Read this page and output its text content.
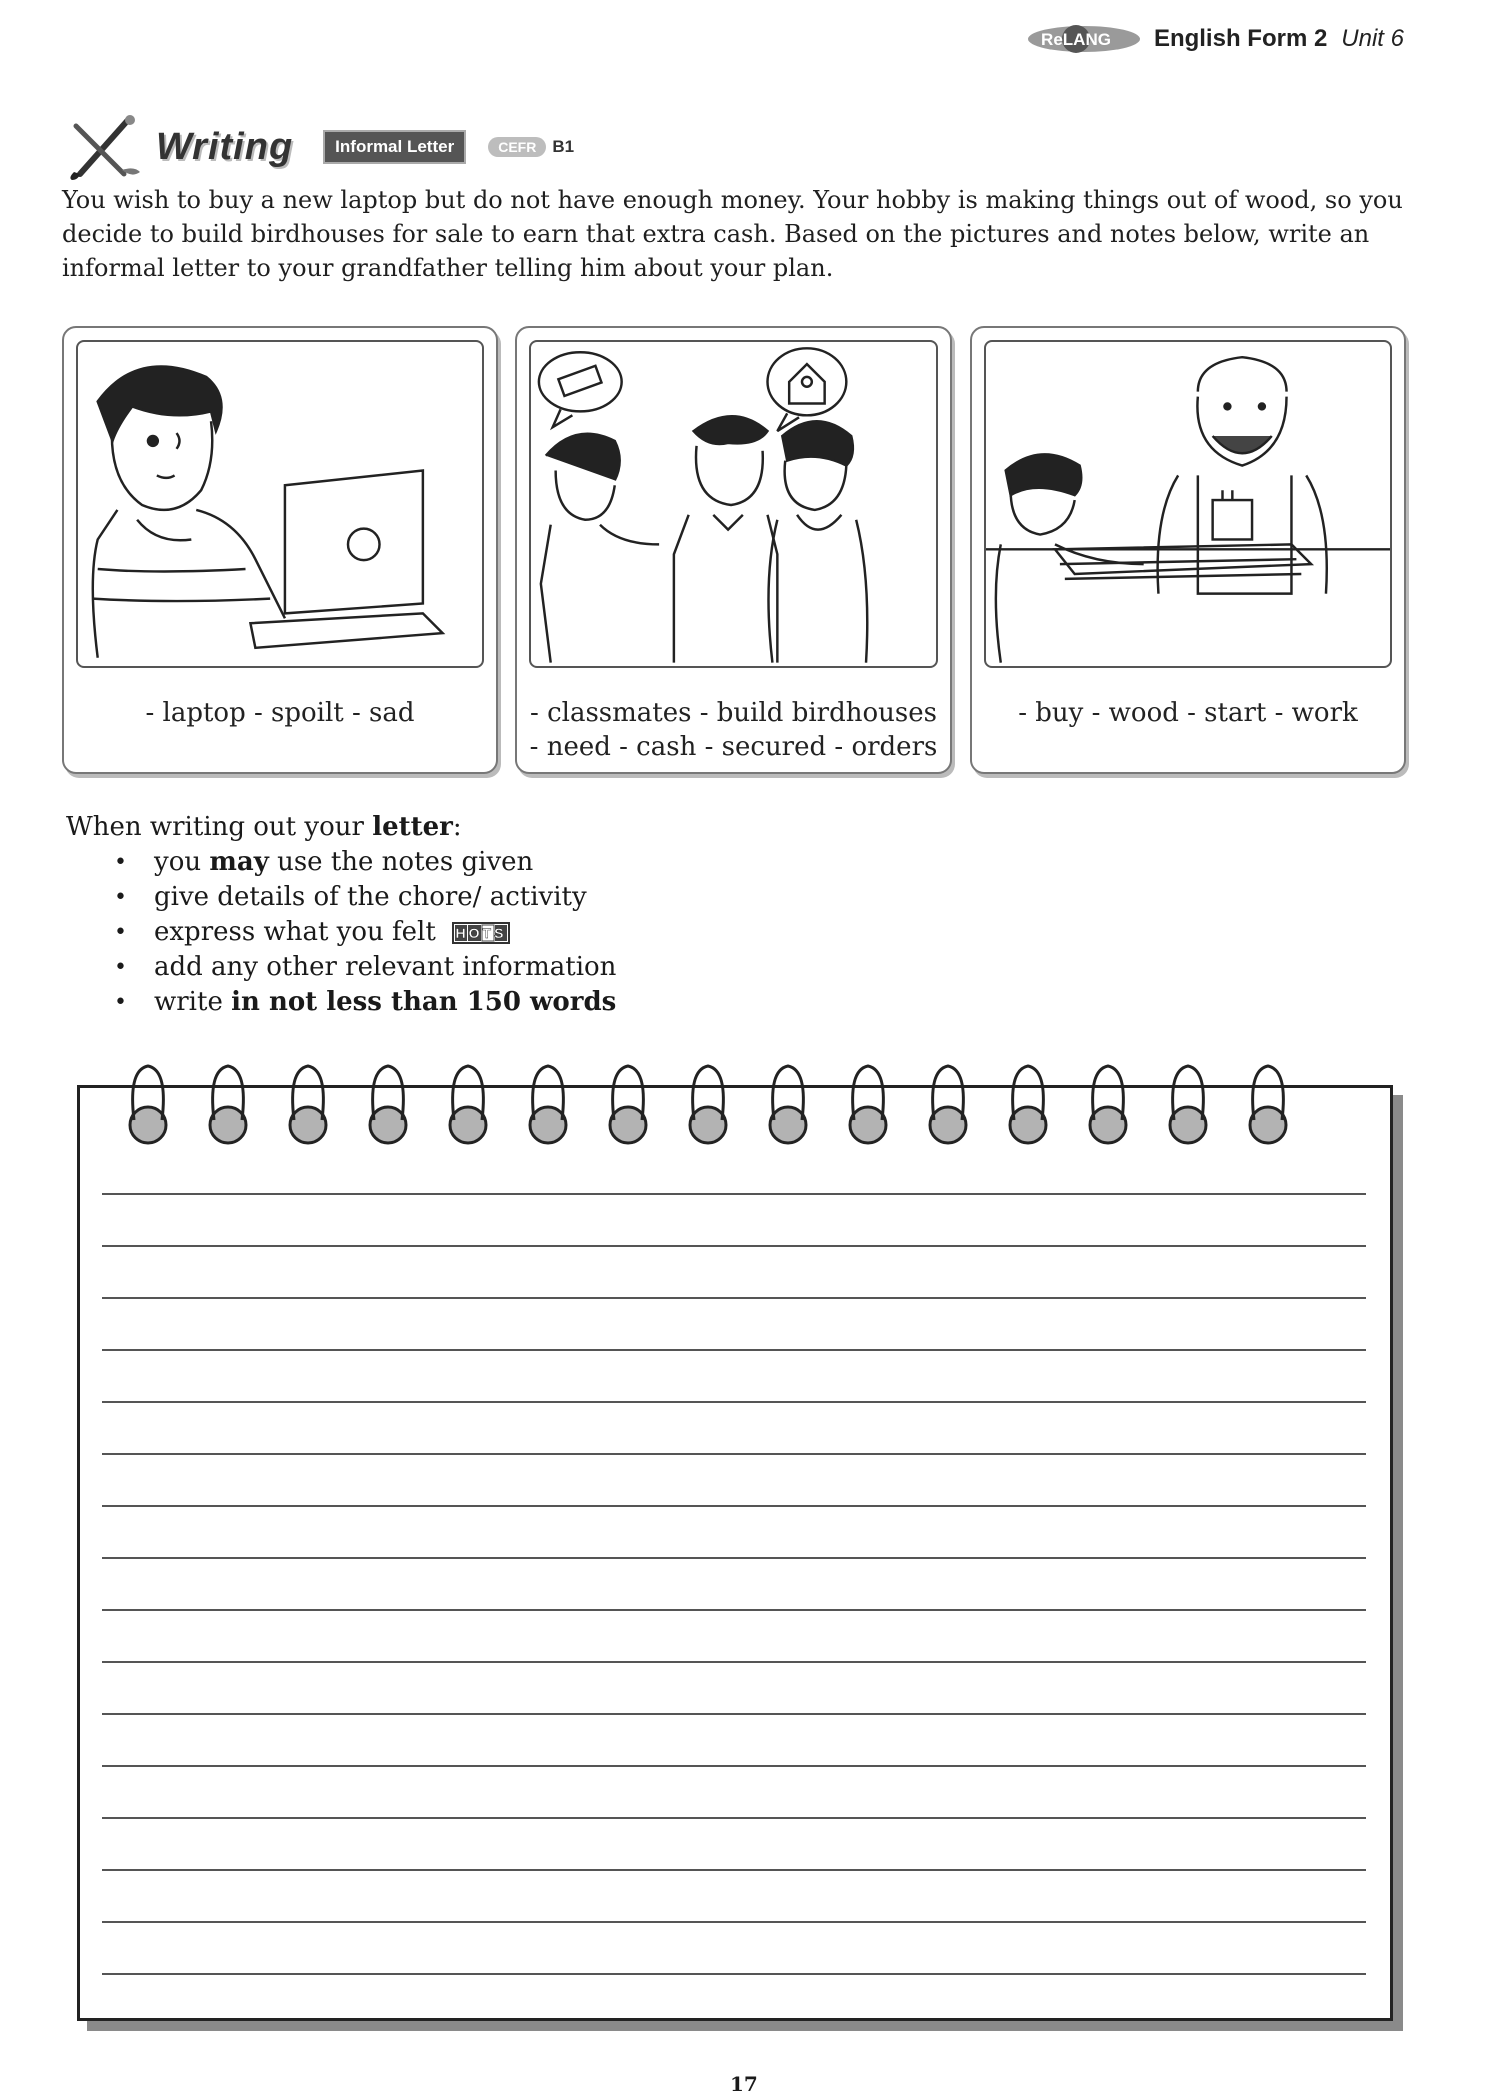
ReLANG English Form 2 Unit 6
Writing	Informal Letter	CEFR B1

You wish to buy a new laptop but do not have enough money. Your hobby is making things out of wood, so you decide to build birdhouses for sale to earn that extra cash. Based on the pictures and notes below, write an informal letter to your grandfather telling him about your plan.

- laptop - spoilt - sad	- classmates - build birdhouses
- need - cash - secured - orders
- buy - wood - start - work
When writing out your letter:
• you may use the notes given
• give details of the chore/ activity
• express what you felt HOTS
• add any other relevant information
• write in not less than 150 words
17
